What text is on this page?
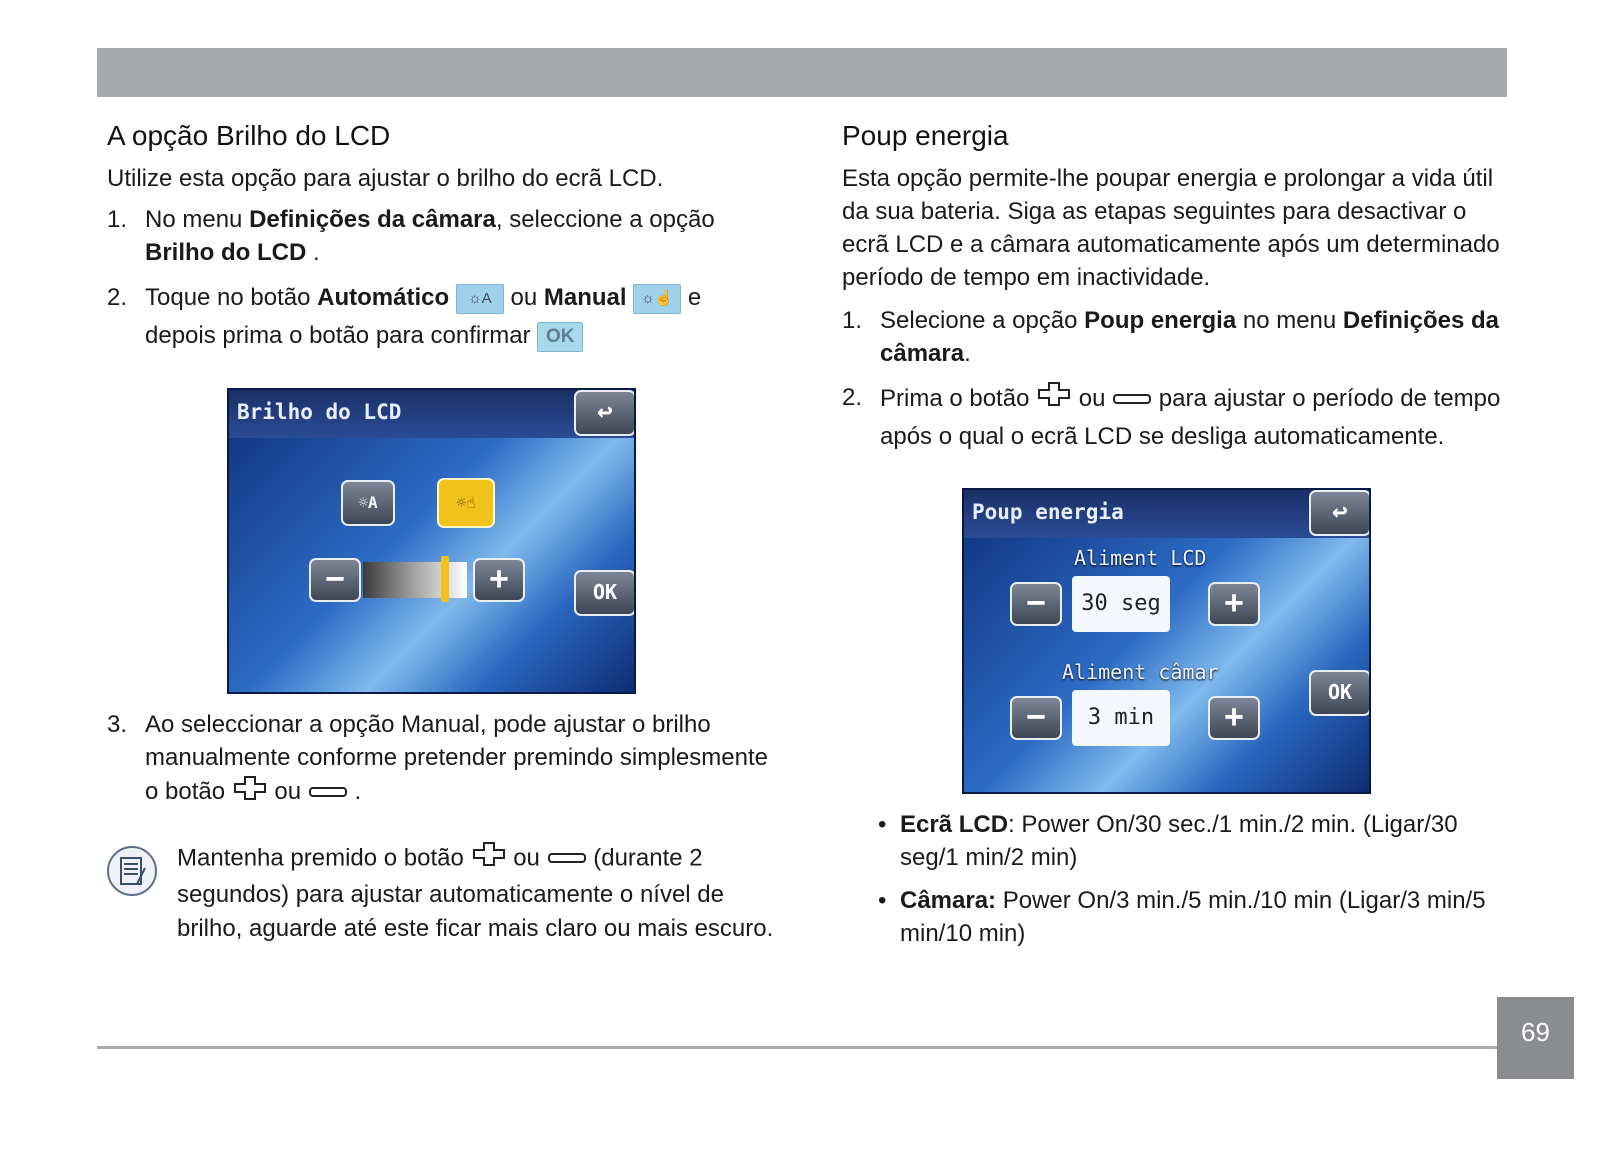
A opção Brilho do LCD

Utilize esta opção para ajustar o brilho do ecrã LCD.

1. No menu Definições da câmara, seleccione a opção Brilho do LCD .
2. Toque no botão Automático ☼A ou Manual ☼☝ e depois prima o botão para confirmar OK
Brilho do LCD	↩
☼A	☼☝
−	+	OK
3. Ao seleccionar a opção Manual, pode ajustar o brilho manualmente conforme pretender premindo simplesmente o botão  ou  .

Mantenha premido o botão  ou  (durante 2 segundos) para ajustar automaticamente o nível de brilho, aguarde até este ficar mais claro ou mais escuro.

Poup energia

Esta opção permite-lhe poupar energia e prolongar a vida útil da sua bateria. Siga as etapas seguintes para desactivar o ecrã LCD e a câmara automaticamente após um determinado período de tempo em inactividade.

1. Selecione a opção Poup energia no menu Definições da câmara.
2. Prima o botão  ou  para ajustar o período de tempo após o qual o ecrã LCD se desliga automaticamente.
Poup energia	↩
Aliment LCD
−	30 seg	+
Aliment câmar
−	3 min	+
OK
• Ecrã LCD: Power On/30 sec./1 min./2 min. (Ligar/30 seg/1 min/2 min)
• Câmara: Power On/3 min./5 min./10 min (Ligar/3 min/5 min/10 min)
69
